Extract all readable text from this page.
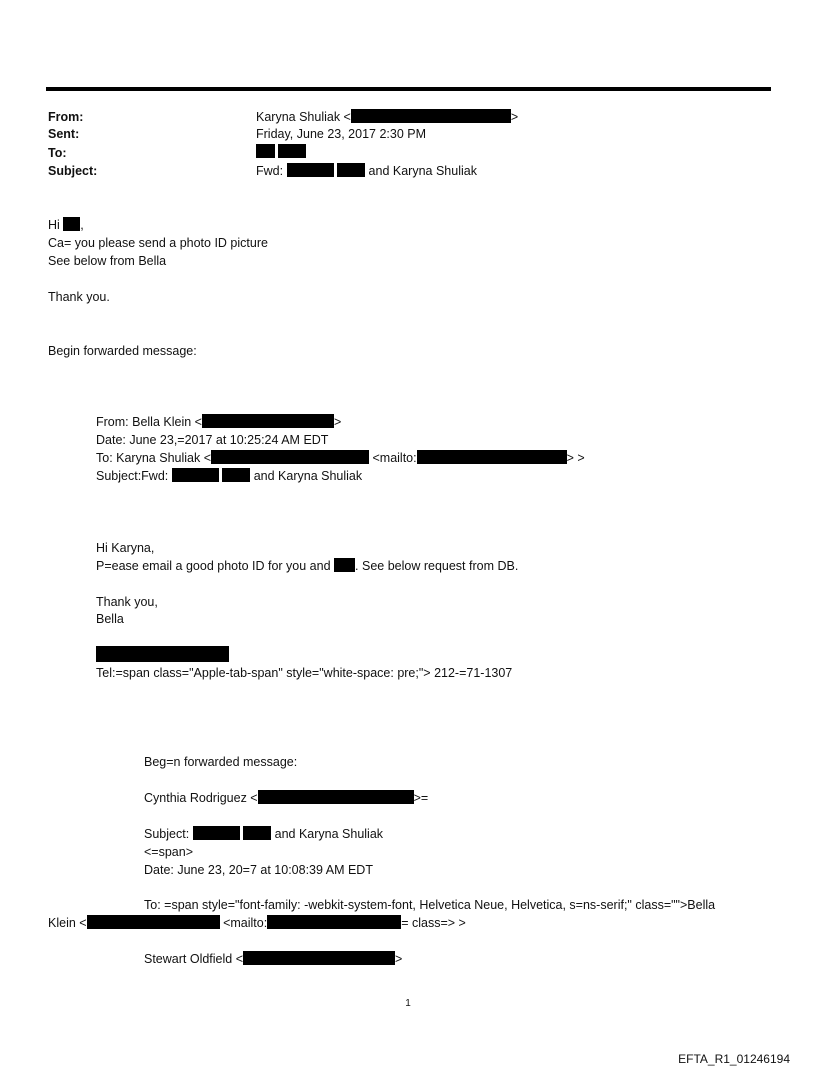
From:	Karyna Shuliak <	>
Sent:	Friday, June 23, 2017 2:30 PM
To:

Subject:	Fwd:	and Karyna Shuliak
Hi ,
Ca= you please send a photo ID picture
See below from Bella
Thank you.
Begin forwarded message:
From: Bella Klein <	>
Date: June 23,=2017 at 10:25:24 AM EDT
To: Karyna Shuliak <	<mailto:	> >
Subject:Fwd:	and Karyna Shuliak
Hi Karyna,
P=ease email a good photo ID for you and . See below request from DB.
Thank you,
Bella
Tel:=span class="Apple-tab-span" style="white-space: pre;"> 212-=71-1307
Beg=n forwarded message:
Cynthia Rodriguez <	>=
Subject:	and Karyna Shuliak
<=span>
Date: June 23, 20=7 at 10:08:39 AM EDT
To: =span style="font-family: -webkit-system-font, Helvetica Neue, Helvetica, s=ns-serif;" class="">Bella
Klein <	<mailto:	= class=> >
Stewart Oldfield <	>
1
EFTA_R1_01246194
